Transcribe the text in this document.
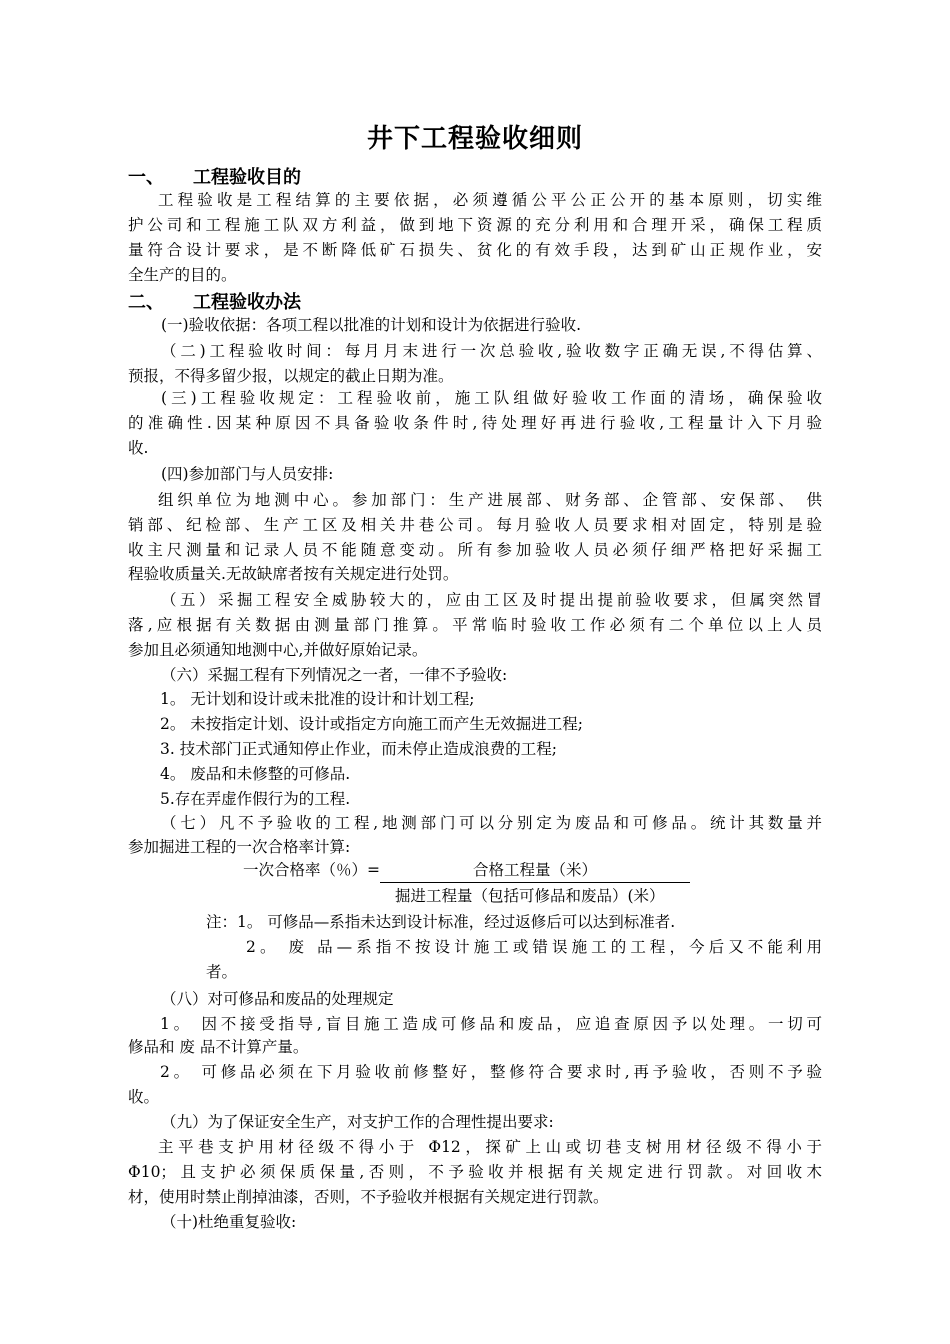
井下工程验收细则
一、 工程验收目的
工程验收是工程结算的主要依据，必须遵循公平公正公开的基本原则，切实维
护公司和工程施工队双方利益，做到地下资源的充分利用和合理开采，确保工程质
量符合设计要求，是不断降低矿石损失、贫化的有效手段，达到矿山正规作业，安
全生产的目的。
二、 工程验收办法
(一)验收依据：各项工程以批准的计划和设计为依据进行验收.
（二)工程验收时间：每月月末进行一次总验收,验收数字正确无误,不得估算、
预报，不得多留少报，以规定的截止日期为准。
(三)工程验收规定：工程验收前，施工队组做好验收工作面的清场，确保验收
的准确性.因某种原因不具备验收条件时,待处理好再进行验收,工程量计入下月验
收.
(四)参加部门与人员安排:
组织单位为地测中心。参加部门：生产进展部、财务部、企管部、安保部、 供
销部、纪检部、生产工区及相关井巷公司。每月验收人员要求相对固定，特别是验
收主尺测量和记录人员不能随意变动。所有参加验收人员必须仔细严格把好采掘工
程验收质量关.无故缺席者按有关规定进行处罚。
（五）采掘工程安全威胁较大的，应由工区及时提出提前验收要求，但属突然冒
落,应根据有关数据由测量部门推算。平常临时验收工作必须有二个单位以上人员
参加且必须通知地测中心,并做好原始记录。
（六）采掘工程有下列情况之一者，一律不予验收:
1。 无计划和设计或未批准的设计和计划工程;
2。 未按指定计划、设计或指定方向施工而产生无效掘进工程;
3. 技术部门正式通知停止作业，而未停止造成浪费的工程;
4。 废品和未修整的可修品.
5.存在弄虚作假行为的工程.
（七）凡不予验收的工程,地测部门可以分别定为废品和可修品。统计其数量并
参加掘进工程的一次合格率计算:
一次合格率（％）=	合格工程量（米）
掘进工程量（包括可修品和废品）(米）
注：1。 可修品—系指未达到设计标准，经过返修后可以达到标准者.
2。 废 品—系指不按设计施工或错误施工的工程，今后又不能利用
者。
（八）对可修品和废品的处理规定
1。 因不接受指导,盲目施工造成可修品和废品，应追查原因予以处理。一切可
修品和 废 品不计算产量。
2。 可修品必须在下月验收前修整好，整修符合要求时,再予验收，否则不予验
收。
（九）为了保证安全生产，对支护工作的合理性提出要求:
主平巷支护用材径级不得小于 Φ12，探矿上山或切巷支树用材径级不得小于
Φ10；且支护必须保质保量,否则，不予验收并根据有关规定进行罚款。对回收木
材，使用时禁止削掉油漆，否则，不予验收并根据有关规定进行罚款。
（十)杜绝重复验收:
